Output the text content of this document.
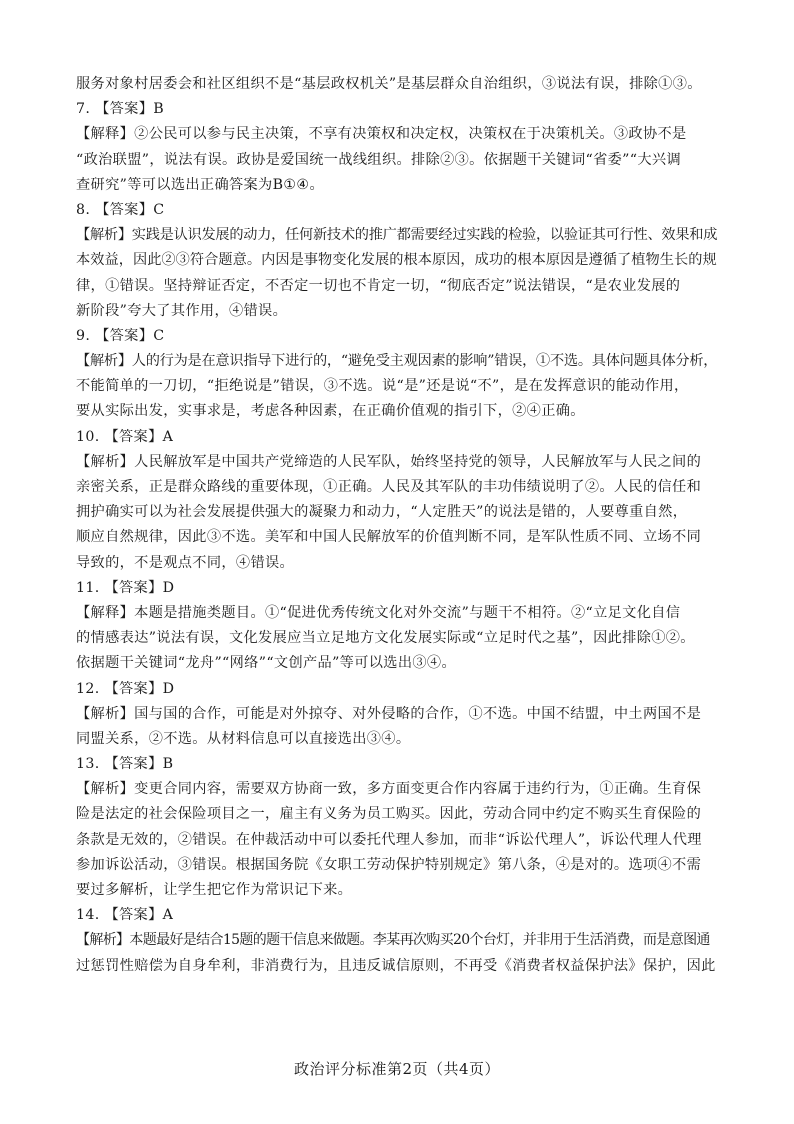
服务对象村居委会和社区组织不是“基层政权机关”是基层群众自治组织，③说法有误，排除①③。
7. 【答案】B
【解释】②公民可以参与民主决策，不享有决策权和决定权，决策权在于决策机关。③政协不是
“政治联盟”，说法有误。政协是爱国统一战线组织。排除②③。依据题干关键词“省委”“大兴调
查研究”等可以选出正确答案为B①④。
8. 【答案】C
【解析】实践是认识发展的动力，任何新技术的推广都需要经过实践的检验，以验证其可行性、效果和成
本效益，因此②③符合题意。内因是事物变化发展的根本原因，成功的根本原因是遵循了植物生长的规
律，①错误。坚持辩证否定，不否定一切也不肯定一切，“彻底否定”说法错误，“是农业发展的
新阶段”夸大了其作用，④错误。
9. 【答案】C
【解析】人的行为是在意识指导下进行的，“避免受主观因素的影响”错误，①不选。具体问题具体分析，
不能简单的一刀切，“拒绝说是”错误，③不选。说“是”还是说“不”，是在发挥意识的能动作用，
要从实际出发，实事求是，考虑各种因素，在正确价值观的指引下，②④正确。
10. 【答案】A
【解析】人民解放军是中国共产党缔造的人民军队，始终坚持党的领导，人民解放军与人民之间的
亲密关系，正是群众路线的重要体现，①正确。人民及其军队的丰功伟绩说明了②。人民的信任和
拥护确实可以为社会发展提供强大的凝聚力和动力，“人定胜天”的说法是错的，人要尊重自然，
顺应自然规律，因此③不选。美军和中国人民解放军的价值判断不同，是军队性质不同、立场不同
导致的，不是观点不同，④错误。
11. 【答案】D
【解释】本题是措施类题目。①“促进优秀传统文化对外交流”与题干不相符。②“立足文化自信
的情感表达”说法有误，文化发展应当立足地方文化发展实际或“立足时代之基”，因此排除①②。
依据题干关键词“龙舟”“网络”“文创产品”等可以选出③④。
12. 【答案】D
【解析】国与国的合作，可能是对外掠夺、对外侵略的合作，①不选。中国不结盟，中土两国不是
同盟关系，②不选。从材料信息可以直接选出③④。
13. 【答案】B
【解析】变更合同内容，需要双方协商一致，多方面变更合作内容属于违约行为，①正确。生育保
险是法定的社会保险项目之一，雇主有义务为员工购买。因此，劳动合同中约定不购买生育保险的
条款是无效的，②错误。在仲裁活动中可以委托代理人参加，而非“诉讼代理人”，诉讼代理人代理
参加诉讼活动，③错误。根据国务院《女职工劳动保护特别规定》第八条，④是对的。选项④不需
要过多解析，让学生把它作为常识记下来。
14. 【答案】A
【解析】本题最好是结合15题的题干信息来做题。李某再次购买20个台灯，并非用于生活消费，而是意图通
过惩罚性赔偿为自身牟利，非消费行为，且违反诚信原则，不再受《消费者权益保护法》保护，因此
政治评分标准第2页（共4页）
